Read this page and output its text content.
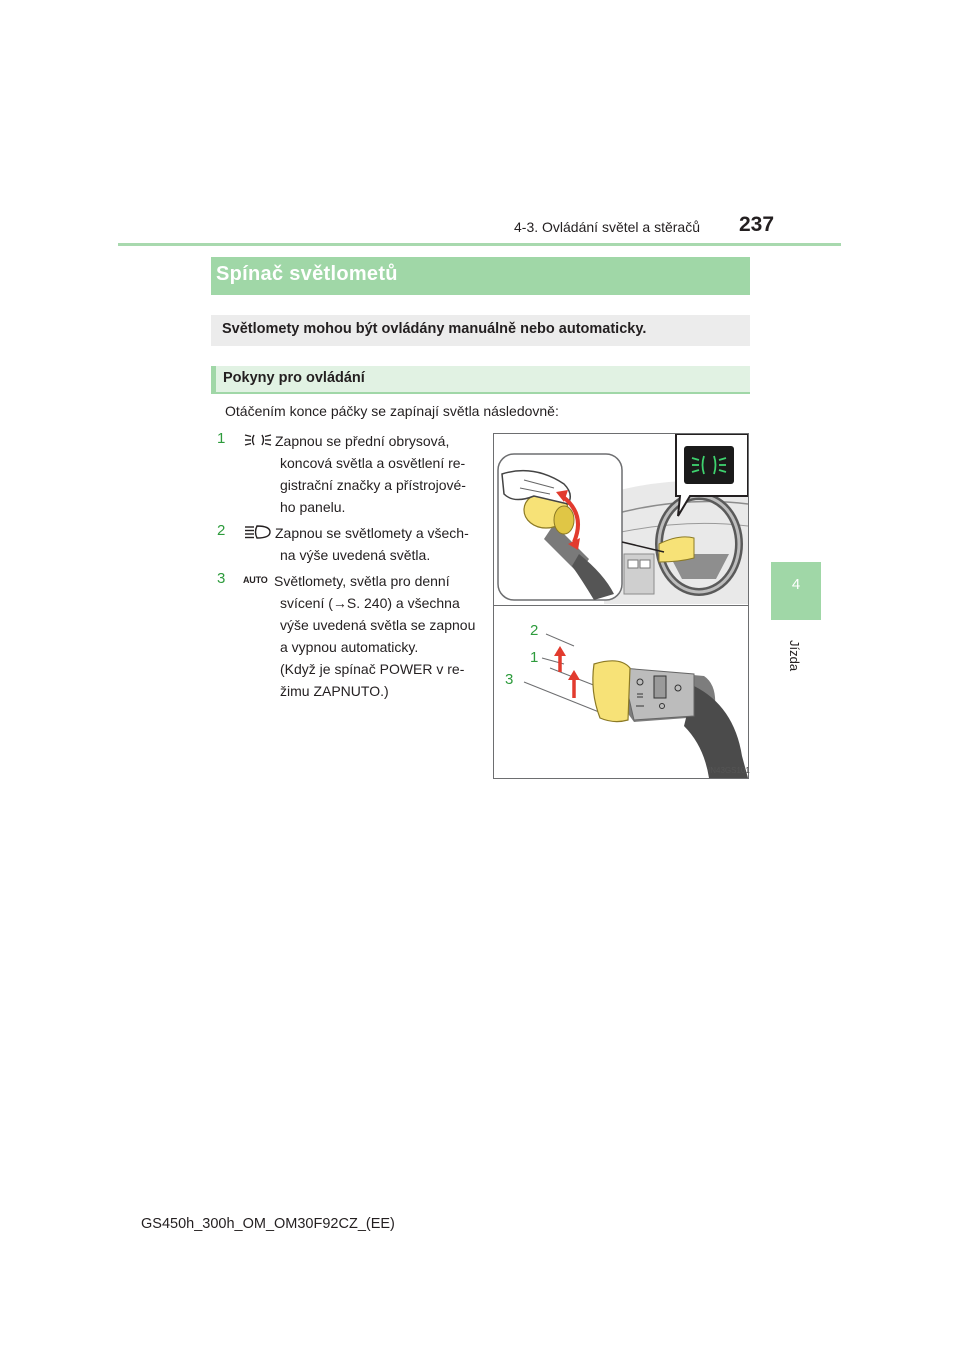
4-3. Ovládání světel a stěračů 237
4
Jízda
Spínač světlometů
Světlomety mohou být ovládány manuálně nebo automaticky.
Pokyny pro ovládání
Otáčením konce páčky se zapínají světla následovně:
1	Zapnou se přední obrysová,
koncová světla a osvětlení re-
gistrační značky a přístrojové-
ho panelu.
2	Zapnou se světlomety a všech-
na výše uvedená světla.
3 AUTO Světlomety, světla pro denní
svícení (→S. 240) a všechna
výše uvedená světla se zapnou
a vypnou automaticky.
(Když je spínač POWER v re-
žimu ZAPNUTO.)
2
1
3
IN43GS101
GS450h_300h_OM_OM30F92CZ_(EE)
